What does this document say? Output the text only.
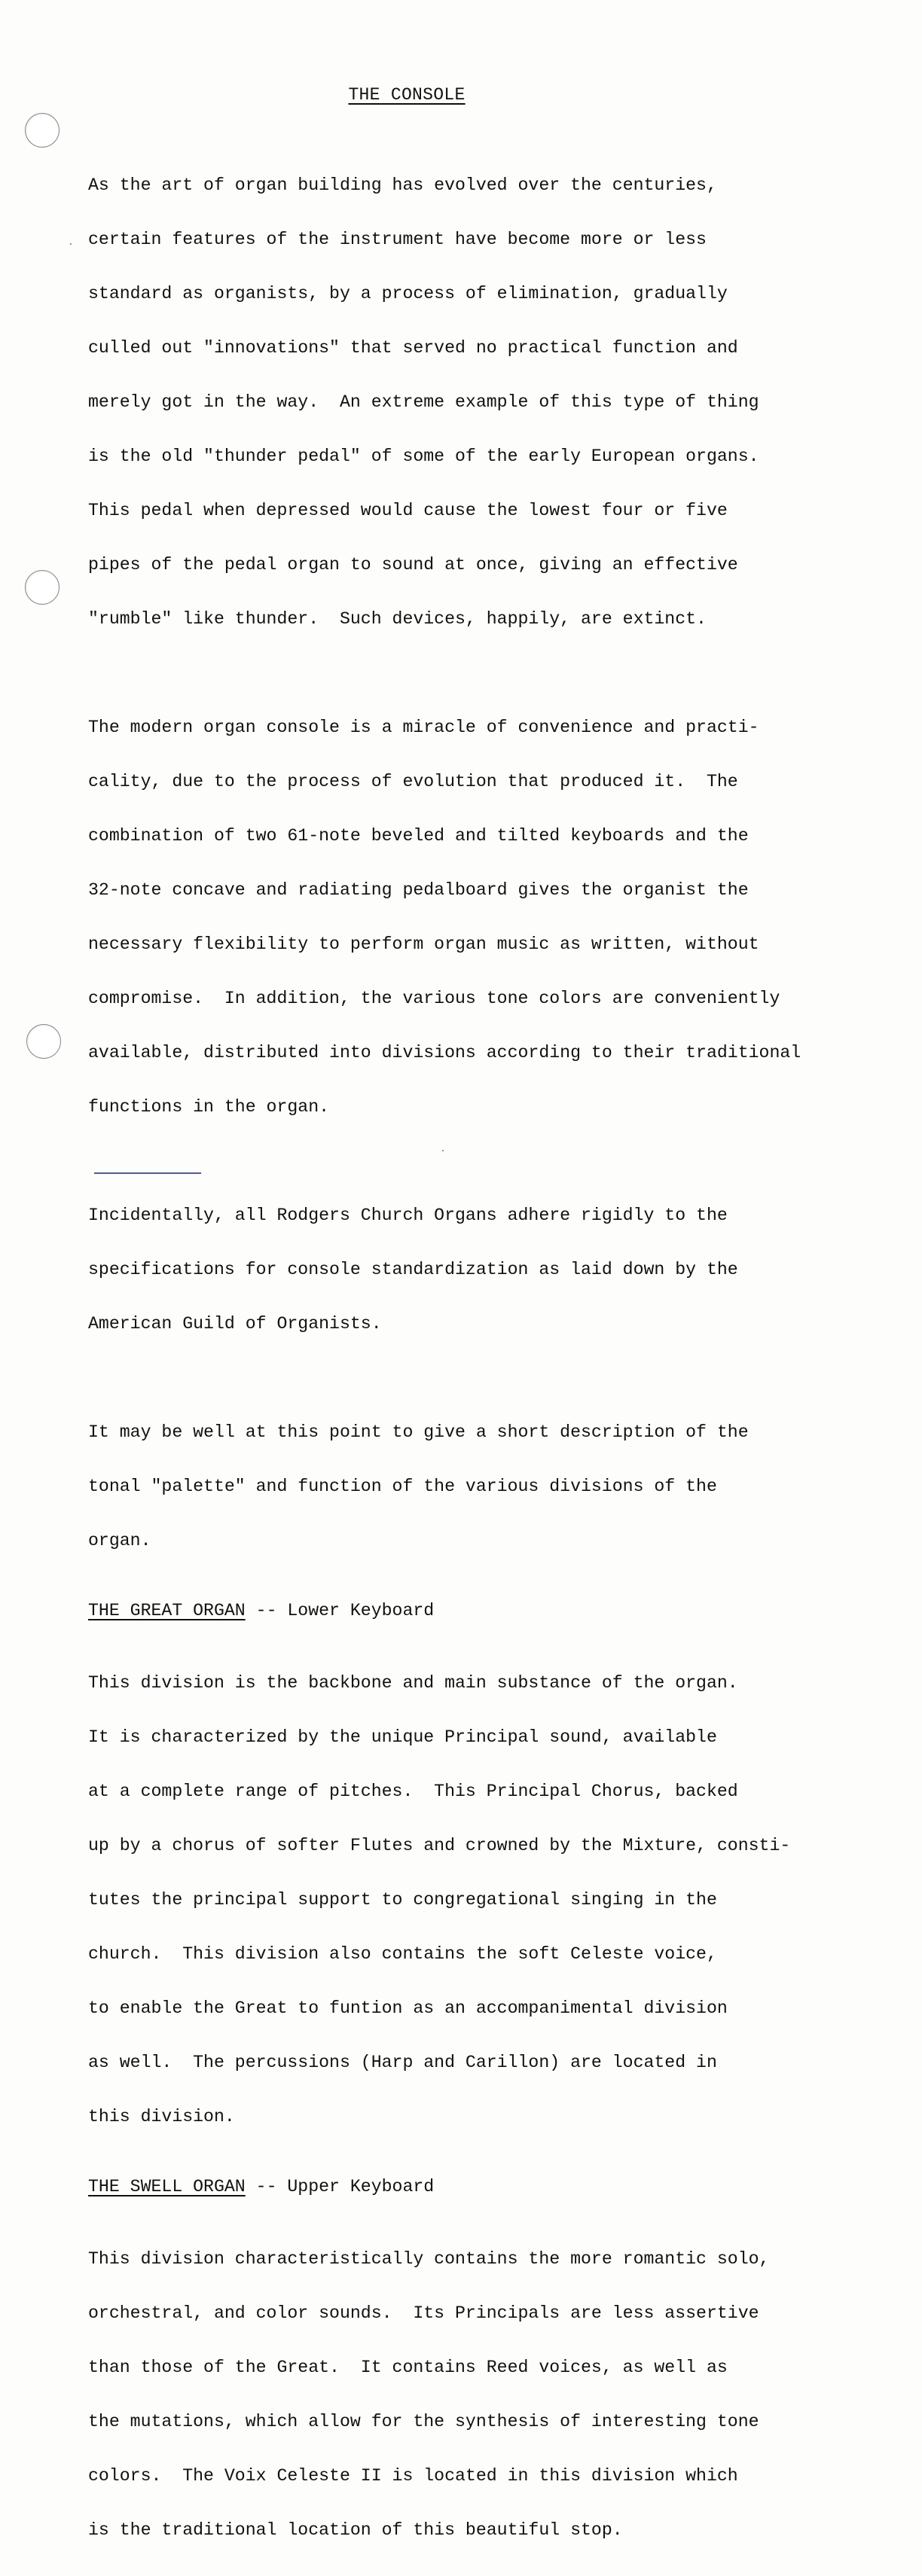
THE CONSOLE

As the art of organ building has evolved over the centuries,

certain features of the instrument have become more or less

standard as organists, by a process of elimination, gradually

culled out "innovations" that served no practical function and

merely got in the way.  An extreme example of this type of thing

is the old "thunder pedal" of some of the early European organs.

This pedal when depressed would cause the lowest four or five

pipes of the pedal organ to sound at once, giving an effective

"rumble" like thunder.  Such devices, happily, are extinct.

The modern organ console is a miracle of convenience and practi-

cality, due to the process of evolution that produced it.  The

combination of two 61-note beveled and tilted keyboards and the

32-note concave and radiating pedalboard gives the organist the

necessary flexibility to perform organ music as written, without

compromise.  In addition, the various tone colors are conveniently

available, distributed into divisions according to their traditional

functions in the organ.

Incidentally, all Rodgers Church Organs adhere rigidly to the

specifications for console standardization as laid down by the

American Guild of Organists.

It may be well at this point to give a short description of the

tonal "palette" and function of the various divisions of the

organ.

THE GREAT ORGAN -- Lower Keyboard

This division is the backbone and main substance of the organ.

It is characterized by the unique Principal sound, available

at a complete range of pitches.  This Principal Chorus, backed

up by a chorus of softer Flutes and crowned by the Mixture, consti-

tutes the principal support to congregational singing in the

church.  This division also contains the soft Celeste voice,

to enable the Great to funtion as an accompanimental division

as well.  The percussions (Harp and Carillon) are located in

this division.

THE SWELL ORGAN -- Upper Keyboard

This division characteristically contains the more romantic solo,

orchestral, and color sounds.  Its Principals are less assertive

than those of the Great.  It contains Reed voices, as well as

the mutations, which allow for the synthesis of interesting tone

colors.  The Voix Celeste II is located in this division which

is the traditional location of this beautiful stop.
